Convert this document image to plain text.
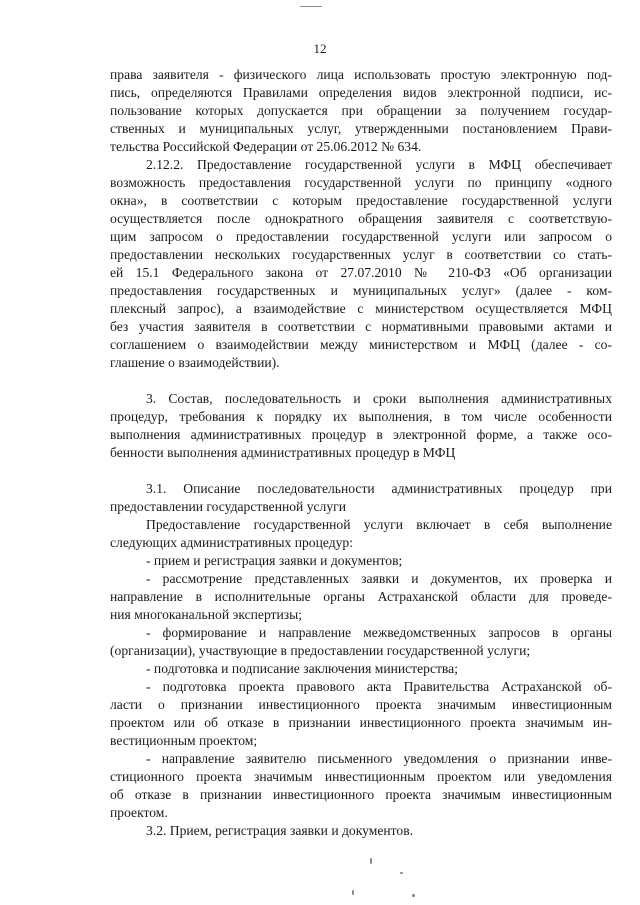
12
права заявителя - физического лица использовать простую электронную под-
пись, определяются Правилами определения видов электронной подписи, ис-
пользование которых допускается при обращении за получением государ-
ственных и муниципальных услуг, утвержденными постановлением Прави-
тельства Российской Федерации от 25.06.2012 № 634.
2.12.2. Предоставление государственной услуги в МФЦ обеспечивает
возможность предоставления государственной услуги по принципу «одного
окна», в соответствии с которым предоставление государственной услуги
осуществляется после однократного обращения заявителя с соответствую-
щим запросом о предоставлении государственной услуги или запросом о
предоставлении нескольких государственных услуг в соответствии со стать-
ей 15.1 Федерального закона от 27.07.2010 № 210-ФЗ «Об организации
предоставления государственных и муниципальных услуг» (далее - ком-
плексный запрос), а взаимодействие с министерством осуществляется МФЦ
без участия заявителя в соответствии с нормативными правовыми актами и
соглашением о взаимодействии между министерством и МФЦ (далее - со-
глашение о взаимодействии).
3. Состав, последовательность и сроки выполнения административных
процедур, требования к порядку их выполнения, в том числе особенности
выполнения административных процедур в электронной форме, а также осо-
бенности выполнения административных процедур в МФЦ
3.1. Описание последовательности административных процедур при
предоставлении государственной услуги
Предоставление государственной услуги включает в себя выполнение
следующих административных процедур:
- прием и регистрация заявки и документов;
- рассмотрение представленных заявки и документов, их проверка и
направление в исполнительные органы Астраханской области для проведе-
ния многоканальной экспертизы;
- формирование и направление межведомственных запросов в органы
(организации), участвующие в предоставлении государственной услуги;
- подготовка и подписание заключения министерства;
- подготовка проекта правового акта Правительства Астраханской об-
ласти о признании инвестиционного проекта значимым инвестиционным
проектом или об отказе в признании инвестиционного проекта значимым ин-
вестиционным проектом;
- направление заявителю письменного уведомления о признании инве-
стиционного проекта значимым инвестиционным проектом или уведомления
об отказе в признании инвестиционного проекта значимым инвестиционным
проектом.
3.2. Прием, регистрация заявки и документов.
